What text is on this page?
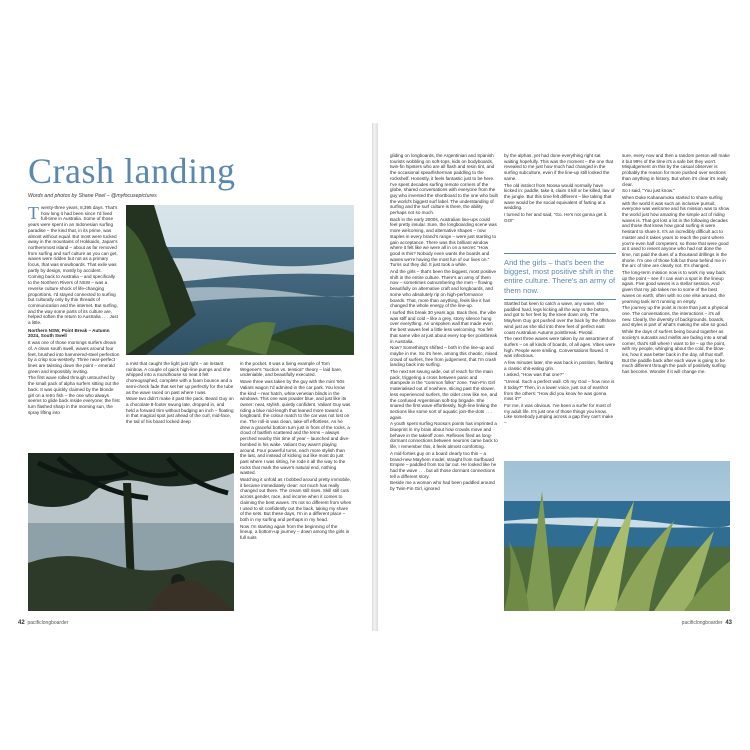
Crash landing
Words and photos by Shane Peel – @myfocusepictures

Twenty-three years, 8,395 days. That's how long it had been since I'd lived full-time in Australia. Some of those years were spent in an Indonesian surfing paradise – the kind that, in its prime, was almost without equal. But most were tucked away in the mountains of Hokkaido, Japan's northernmost island – about as far removed from surfing and surf culture as you can get, waves were ridden but not as a primary focus, that was snowboards. That exile was partly by design, mostly by accident.

Coming back to Australia – and specifically to the Northern Rivers of NSW – was a reverse culture shock of life-changing proportions. I'd stayed connected to surfing but culturally only by thin threads of communication and the internet. But surfing, and the way some parts of its culture are, helped soften the return to Australia . . . Just a little.

Northern NSW, Point Break – Autumn 2024, South Swell

It was one of those mornings surfers dream of. A clean south swell, waves around four feet, brushed into hammered-steel perfection by a crisp sou-westerly. Three near-perfect lines are twisting down the point – emerald green and impossibly inviting.

The first wave rolled through untouched by the small pack of alpha surfers sitting out the back. It was quickly claimed by the blonde girl on a retro fish – the one who always seems to glide back inside everyone; the first turn flashed sharp in the morning sun, the spray lifting into

a mist that caught the light just right – an instant rainbow. A couple of quick high-line pumps and she whipped into a roundhouse so neat it felt choreographed, complete with a foam bounce and a semi-check fade that set her up perfectly for the tube as the wave raced on past where I was.

Wave two didn't make it past the pack. Beard Guy on a chocolate 8-footer swung late, dropped in, and held a forward trim without budging an inch – floating in that magical spot just ahead of the curl, mid-face, the tail of his board locked deep

in the pocket. It was a living example of Tom Wegener's "suction vs. tension" theory – laid bare, undeniable, and beautifully executed.

Wave three was taken by the guy with the mint '60s Valiant wagon I'd admired in the car park. You know the kind – rear hatch, white venetian blinds in the windows. This one was powder blue, and just like its owner: neat, stylish, quietly confident. Valiant Guy was riding a blue mid-length that leaned more toward a longboard, the colour match to the car was not lost on me. The roll-in was clean, take-off effortless. As he drew a graceful bottom turn just in front of the rocks, a cloud of baitfish scattered and the terns – always perched nearby this time of year – launched and dive-bombed in his wake. Valiant Guy wasn't playing around. Four powerful turns, each more stylish than the last, and instead of kicking out like most do just past where I was sitting, he rode it all the way to the rocks that mark the wave's natural end, nothing wasted.

Watching it unfold as I bobbed around pretty immobile, it became immediately clear: not much has really changed out there. The cream still rises. Skill still cuts across gender, race, and income when it comes to claiming the best waves. It's not so different from when I used to sit confidently out the back, taking my share of the sets. But these days, I'm in a different place – both in my surfing and perhaps in my head.

Now I'm starting again from the beginning of the lineup, a bottom-up journey – down among the girls in full suits

42 pacificlongboarder

gliding on longboards, the Argentinian and Spanish tourists wobbling on soft-tops, kids on bodyboards, twin-fin hipsters who are all flash and resin tint, and the occasional spearfisherman paddling to the rockshelf. Honestly, it feels fantastic just to be here. I've spent decades surfing remote corners of the globe, shared conversations with everyone from the guy who invented the shortboard to the one who built the world's biggest surf label. The understanding of surfing and the surf culture is there, the ability perhaps not so much.

Back in the early 2000s, Australian line-ups could feel pretty insular. Sure, the longboarding scene was more welcoming, and alternative shapes – now staples in every brand's range – were just starting to gain acceptance. There was this brilliant window where it felt like we were all in on a secret: "How good is this? Nobody even wants the boards and waves we're having the most fun of our lives on." Turns out they did. It just took a while.

And the girls – that's been the biggest, most positive shift in the entire culture. There's an army of them now – sometimes outnumbering the men – flowing beautifully on alternative craft and longboards, and some who absolutely rip on high-performance boards. That, more than anything, feels like it has changed the whole energy of the line-up.

I surfed this break 30 years ago. Back then, the vibe was stiff and cold – like a grey, stony silence hung over everything. An unspoken wall that made even the best waves feel a little less welcoming. You felt that same vibe at just about every top-tier pointbreak in Australia.

Now? Something's shifted – both in the line-up and maybe in me. So it's here, among this chaotic, mixed crowd of surfers, free from judgement, that I'm crash landing back into surfing.

The next set swung wide, out of reach for the main pack, triggering a cross between panic and stampede in the "common folks" zone. Twin-Fin Girl materialised out of nowhere, slicing past the slower, less experienced surfers, the older crew like me, and the confused Argentinian soft-top brigade. She snared the first wave effortlessly, high-line linking the sections like some sort of aquatic join-the-dots . . . again.

A youth spent surfing Noosa's points has imprinted a blueprint in my brain about how crowds move and behave in the takeoff zone. Reflexes fired as long-dormant connections between neurons came back to life, I remember this, it feels almost comforting.

A mid-forties guy on a board clearly too thin – a brand-new Mayhem model, straight from Surfboard Empire – paddled from too far out. He looked like he had the wave . . . but all those dormant connections tell a different story.

Beside me a woman who had been paddled around by Twin-Fin Girl, ignored

by the alphas, yet had done everything right sat waiting hopefully. This was the moment – the one that revealed to me just how much had changed in the surfing subculture, even if the line-up still looked the same.

The old instinct from Noosa would normally have kicked in: paddle, take it, claim it kill or be killed, law of the jungle. But this time felt different – like taking that wave would be the social equivalent of farting at a wedding.

I turned to her and said, "Go. He's not gonna get it. GO!"

And the girls – that's been the biggest, most positive shift in the entire culture. There's an army of them now.

Startled but keen to catch a wave, any wave, she paddled hard, legs kicking all the way to the bottom, and got to her feet by the knee down only. The Mayhem Guy got pushed over the back by the offshore wind just as she slid into three feet of perfect east coast Australian Autumn pointbreak. Pivotal.

The next three waves were taken by an assortment of surfers – on all kinds of boards, of all ages. Vibes were high. People were smiling. Conversations flowed. It was infectious.

A few minutes later, she was back in position, flashing a classic shit-eating grin.

I asked, "How was that one?"

"Unreal. Such a perfect wall. Oh my God – how nice is it today?" Then, in a lower voice, just out of earshot from the others: "How did you know he was gonna miss it?"

For me, it was obvious. I've been a surfer for most of my adult life. It's just one of those things you know. Like somebody jumping across a gap they can't make –

sure, every now and then a random person will make it but 99% of the time it's a safe bet they won't. Misjudgement on this by the casual observer is probably the reason for more pushed over sections than anything in history. But when it's clear it's really clear.

So I said, "You just know."

When Duke Kahanamoku started to share surfing with the world it was such an inclusive pursuit, everyone was welcome and his mission was to show the world just how amazing the simple act of riding waves is. That got lost a lot in the following decades and those that knew how good surfing is were hesitant to share it. It's an incredibly difficult act to master and it takes years to reach the point where you're even half competent, so those that were good at it used to resent anyone who had not done the time, not paid the dues of a thousand drillings in the shorie. I'm one of those folk but those behind me in the arc of time are clearly not. It's changed.

The long-term mission now is to work my way back up the point – see if I can earn a spot in the lineup again. Five good waves is a stellar session. And given that my job takes me to some of the best waves on earth, often with no one else around, the yearning tank isn't running on empty.

The journey up the point is more than just a physical one. The conversations, the interactions – it's all new. Clearly, the diversity of backgrounds, boards, and styles is part of what's making the vibe so good.

While the days of surfers being bound together as society's outcasts and misfits are fading into a small corner, that's still where I want to be – up the point, with my people, whinging about the cold, the blow-ins, how it was better back in the day, all that stuff. But the paddle back after each wave is going to be much different through the pack of positivity surfing has become. Wonder if it will change me.

pacificlongboarder 43
